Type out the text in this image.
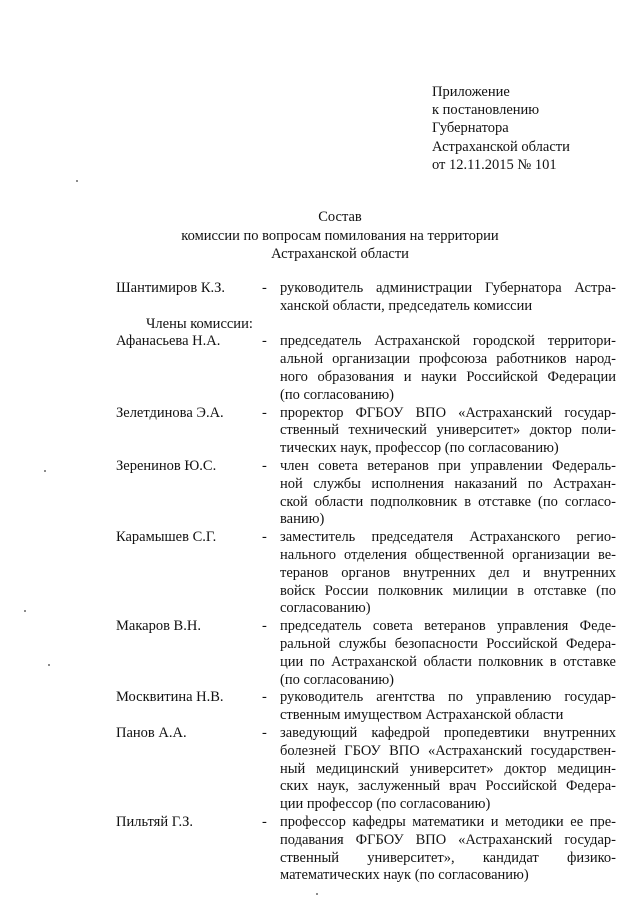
Приложение
к постановлению
Губернатора
Астраханской области
от 12.11.2015 № 101
Состав
комиссии по вопросам помилования на территории
Астраханской области
Шантимиров К.З.	- руководитель администрации Губернатора Астра-
ханской области, председатель комиссии
Члены комиссии:
Афанасьева Н.А.	- председатель Астраханской городской территори-
альной организации профсоюза работников народ-
ного образования и науки Российской Федерации
(по согласованию)
Зелетдинова Э.А.	- проректор ФГБОУ ВПО «Астраханский государ-
ственный технический университет» доктор поли-
тических наук, профессор (по согласованию)
Зеренинов Ю.С.	- член совета ветеранов при управлении Федераль-
ной службы исполнения наказаний по Астрахан-
ской области подполковник в отставке (по согласо-
ванию)
Карамышев С.Г.	- заместитель председателя Астраханского регио-
нального отделения общественной организации ве-
теранов органов внутренних дел и внутренних
войск России полковник милиции в отставке (по
согласованию)
Макаров В.Н.	- председатель совета ветеранов управления Феде-
ральной службы безопасности Российской Федера-
ции по Астраханской области полковник в отставке
(по согласованию)
Москвитина Н.В.	- руководитель агентства по управлению государ-
ственным имуществом Астраханской области
Панов А.А.	- заведующий кафедрой пропедевтики внутренних
болезней ГБОУ ВПО «Астраханский государствен-
ный медицинский университет» доктор медицин-
ских наук, заслуженный врач Российской Федера-
ции профессор (по согласованию)
Пильтяй Г.З.	- профессор кафедры математики и методики ее пре-
подавания ФГБОУ ВПО «Астраханский государ-
ственный университет», кандидат физико-
математических наук (по согласованию)
